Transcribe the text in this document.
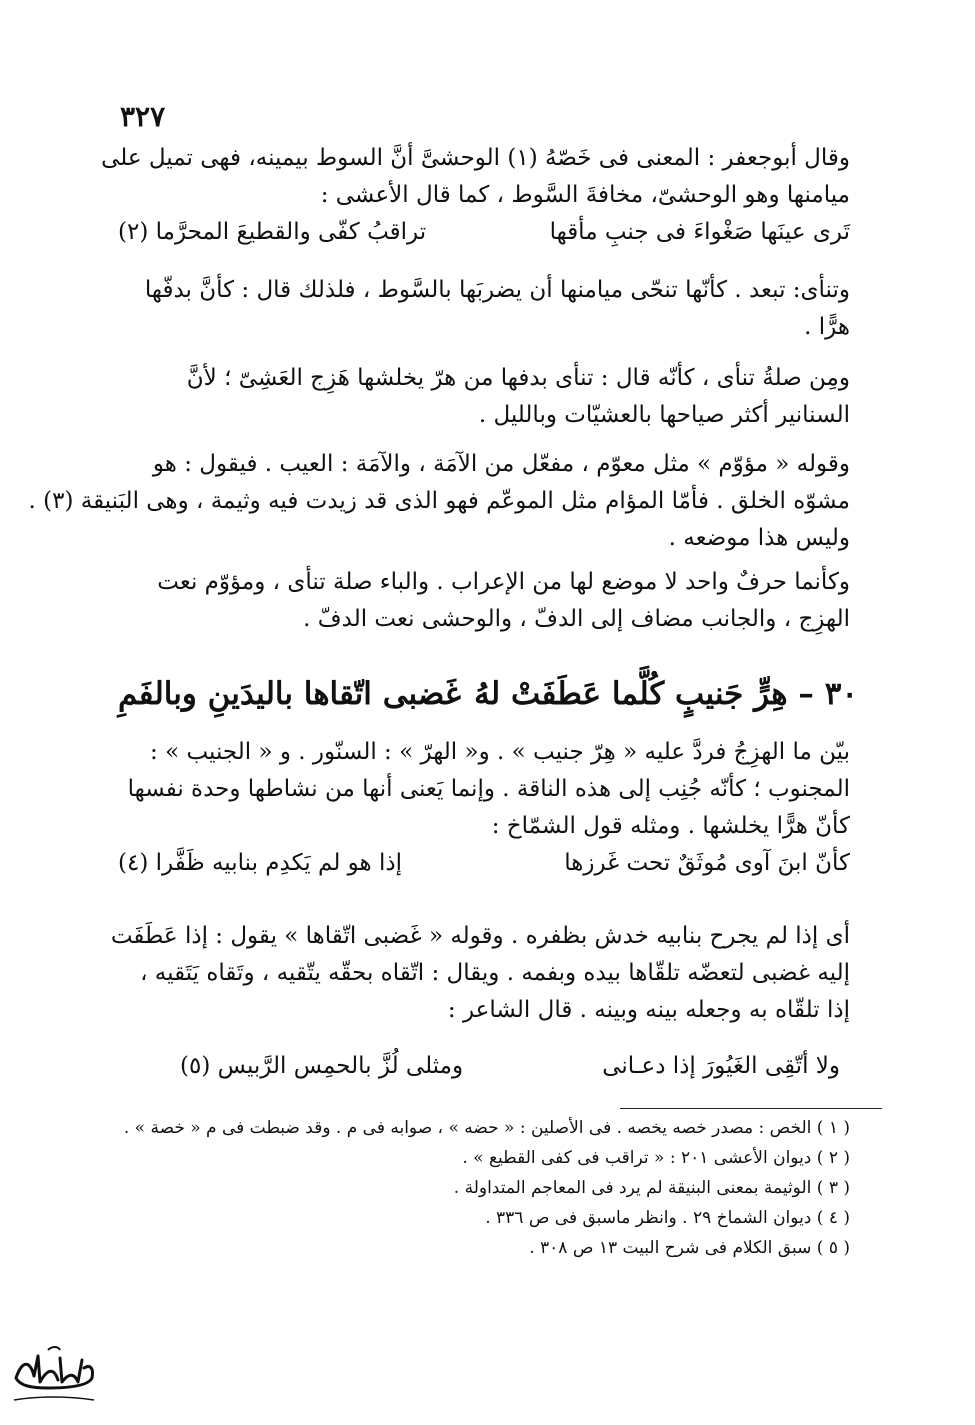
٣٢٧
وقال أبوجعفر : المعنى فى خَصّهُ (١) الوحشىَّ أنَّ السوط بيمينه، فهى تميل على
ميامنها وهو الوحشىّ، مخافةَ السَّوط ، كما قال الأعشى :
تَرى عينَها صَغْواءَ فى جنبِ مأقها
تراقبُ كفّى والقطيعَ المحرَّما (٢)
وتنأى: تبعد . كأنّها تنحّى ميامنها أن يضربَها بالسَّوط ، فلذلك قال : كأنَّ بدفّها
هرًّا .
ومِن صلةُ تنأى ، كأنّه قال : تنأى بدفها من هرّ يخلشها هَزِج العَشِىّ ؛ لأنَّ
السنانير أكثر صياحها بالعشيّات وبالليل .
وقوله « مؤوّم » مثل معوّم ، مفعّل من الآمَة ، والآمَة : العيب . فيقول : هو
مشوّه الخلق . فأمّا المؤام مثل الموعّم فهو الذى قد زيدت فيه وثيمة ، وهى البَنيقة (٣) .
وليس هذا موضعه .
وكأنما حرفٌ واحد لا موضع لها من الإعراب . والباء صلة تنأى ، ومؤوّم نعت
الهزِج ، والجانب مضاف إلى الدفّ ، والوحشى نعت الدفّ .
٣٠ – هِرٍّ جَنيبٍ كُلَّما عَطَفَتْ لهُ
غَضبى اتّقاها باليدَينِ وبالفَمِ
بيّن ما الهزِجُ فردَّ عليه « هِرّ جنيب » . و« الهرّ » : السنّور . و « الجنيب » :
المجنوب ؛ كأنّه جُنِب إلى هذه الناقة . وإنما يَعنى أنها من نشاطها وحدة نفسها
كأنّ هرًّا يخلشها . ومثله قول الشمّاخ :
كأنّ ابنَ آوى مُوثَقٌ تحت غَرزها
إذا هو لم يَكدِم بنابيه ظَفَّرا (٤)
أى إذا لم يجرح بنابيه خدش بظفره . وقوله « غَضبى اتّقاها » يقول : إذا عَطَفَت
إليه غضبى لتعضّه تلقّاها بيده وبفمه . ويقال : اتّقاه بحقّه يتّقيه ، وتَقاه يَتَقيه ،
إذا تلقّاه به وجعله بينه وبينه . قال الشاعر :
ولا أتّقِى الغَيُورَ إذا دعـانى
ومثلى لُزَّ بالحمِس الرَّبيس (٥)
( ١ ) الخص : مصدر خصه يخصه . فى الأصلين : « حضه » ، صوابه فى م . وقد ضبطت فى م « خصة » .
( ٢ ) ديوان الأعشى ٢٠١ : « تراقب فى كفى القطيع » .
( ٣ ) الوثيمة بمعنى البنيقة لم يرد فى المعاجم المتداولة .
( ٤ ) ديوان الشماخ ٢٩ . وانظر ماسبق فى ص ٣٣٦ .
( ٥ ) سبق الكلام فى شرح البيت ١٣ ص ٣٠٨ .
